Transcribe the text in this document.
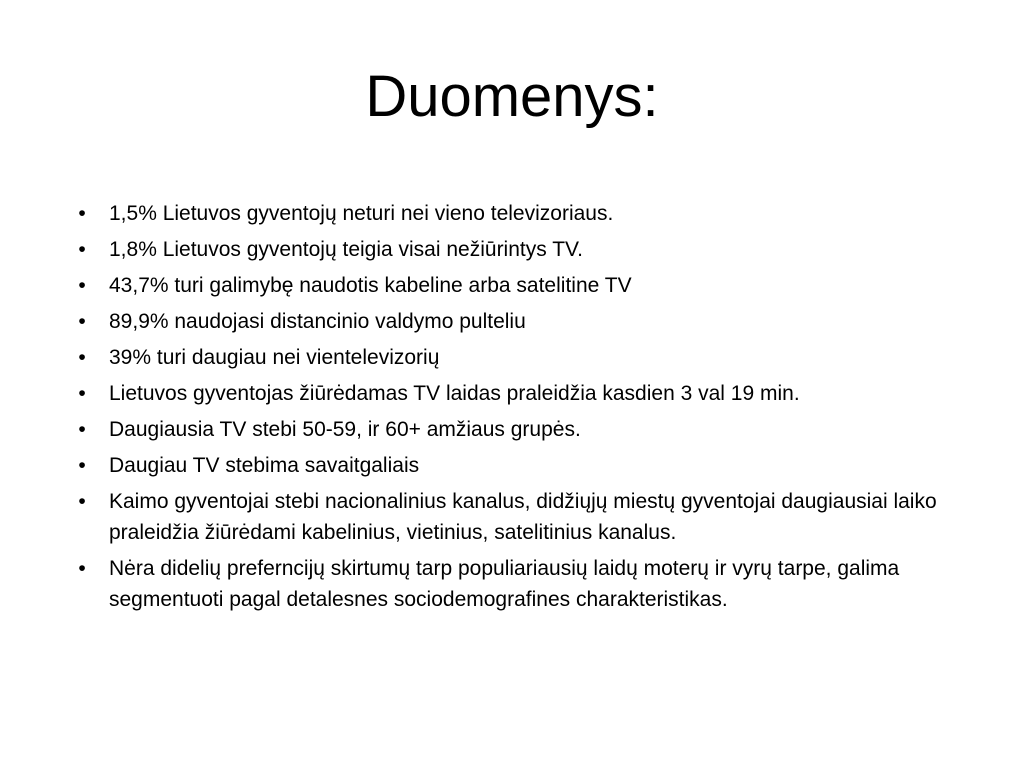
Duomenys:
•	1,5% Lietuvos gyventojų neturi nei vieno televizoriaus.
•	1,8% Lietuvos gyventojų teigia visai nežiūrintys TV.
•	43,7% turi galimybę naudotis kabeline arba satelitine TV
•	89,9% naudojasi distancinio valdymo pulteliu
•	39% turi daugiau nei vientelevizorių
•	Lietuvos gyventojas žiūrėdamas TV laidas praleidžia kasdien 3 val 19 min.
•	Daugiausia TV stebi 50-59, ir 60+ amžiaus grupės.
•	Daugiau TV stebima savaitgaliais
•	Kaimo gyventojai stebi nacionalinius kanalus, didžiųjų miestų gyventojai daugiausiai laiko praleidžia žiūrėdami kabelinius, vietinius, satelitinius kanalus.
•	Nėra didelių preferncijų skirtumų tarp populiariausių laidų moterų ir vyrų tarpe, galima segmentuoti pagal detalesnes sociodemografines charakteristikas.
